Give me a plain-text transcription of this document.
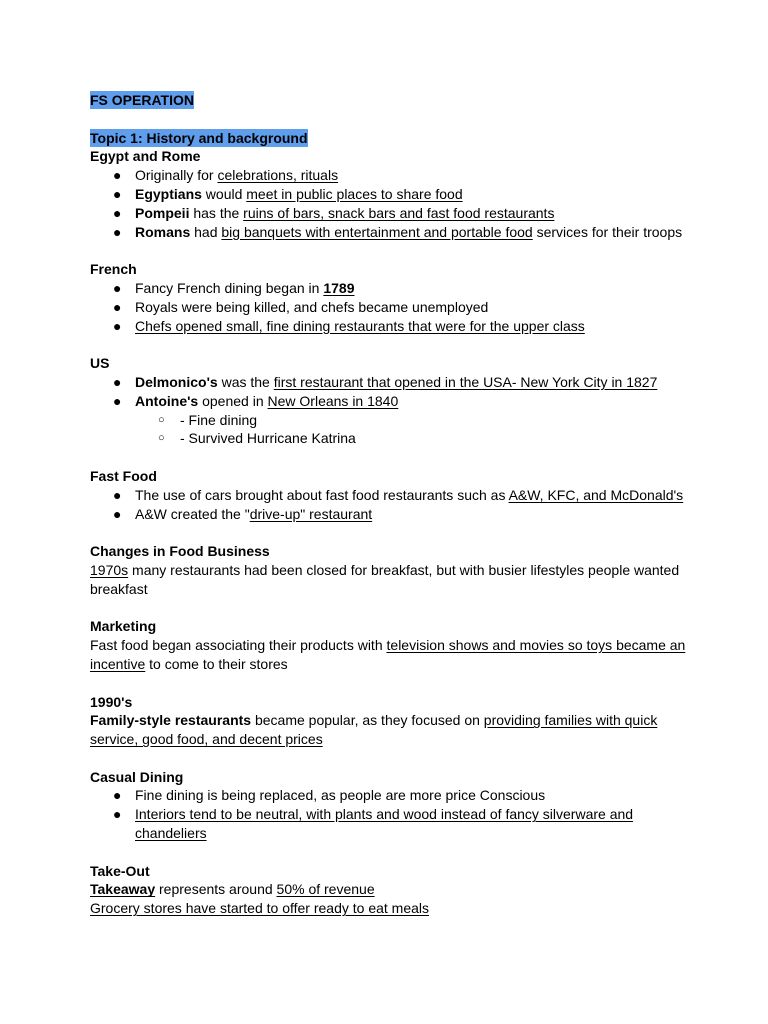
FS OPERATION
Topic 1: History and background
Egypt and Rome
● Originally for celebrations, rituals
● Egyptians would meet in public places to share food
● Pompeii has the ruins of bars, snack bars and fast food restaurants
● Romans had big banquets with entertainment and portable food services for their troops
French
● Fancy French dining began in 1789
● Royals were being killed, and chefs became unemployed
● Chefs opened small, fine dining restaurants that were for the upper class
US
● Delmonico's was the first restaurant that opened in the USA- New York City in 1827
● Antoine's opened in New Orleans in 1840
○ - Fine dining
○ - Survived Hurricane Katrina
Fast Food
● The use of cars brought about fast food restaurants such as A&W, KFC, and McDonald's
● A&W created the "drive-up" restaurant
Changes in Food Business
1970s many restaurants had been closed for breakfast, but with busier lifestyles people wanted breakfast
Marketing
Fast food began associating their products with television shows and movies so toys became an incentive to come to their stores
1990's
Family-style restaurants became popular, as they focused on providing families with quick service, good food, and decent prices
Casual Dining
● Fine dining is being replaced, as people are more price Conscious
● Interiors tend to be neutral, with plants and wood instead of fancy silverware and chandeliers
Take-Out
Takeaway represents around 50% of revenue
Grocery stores have started to offer ready to eat meals
